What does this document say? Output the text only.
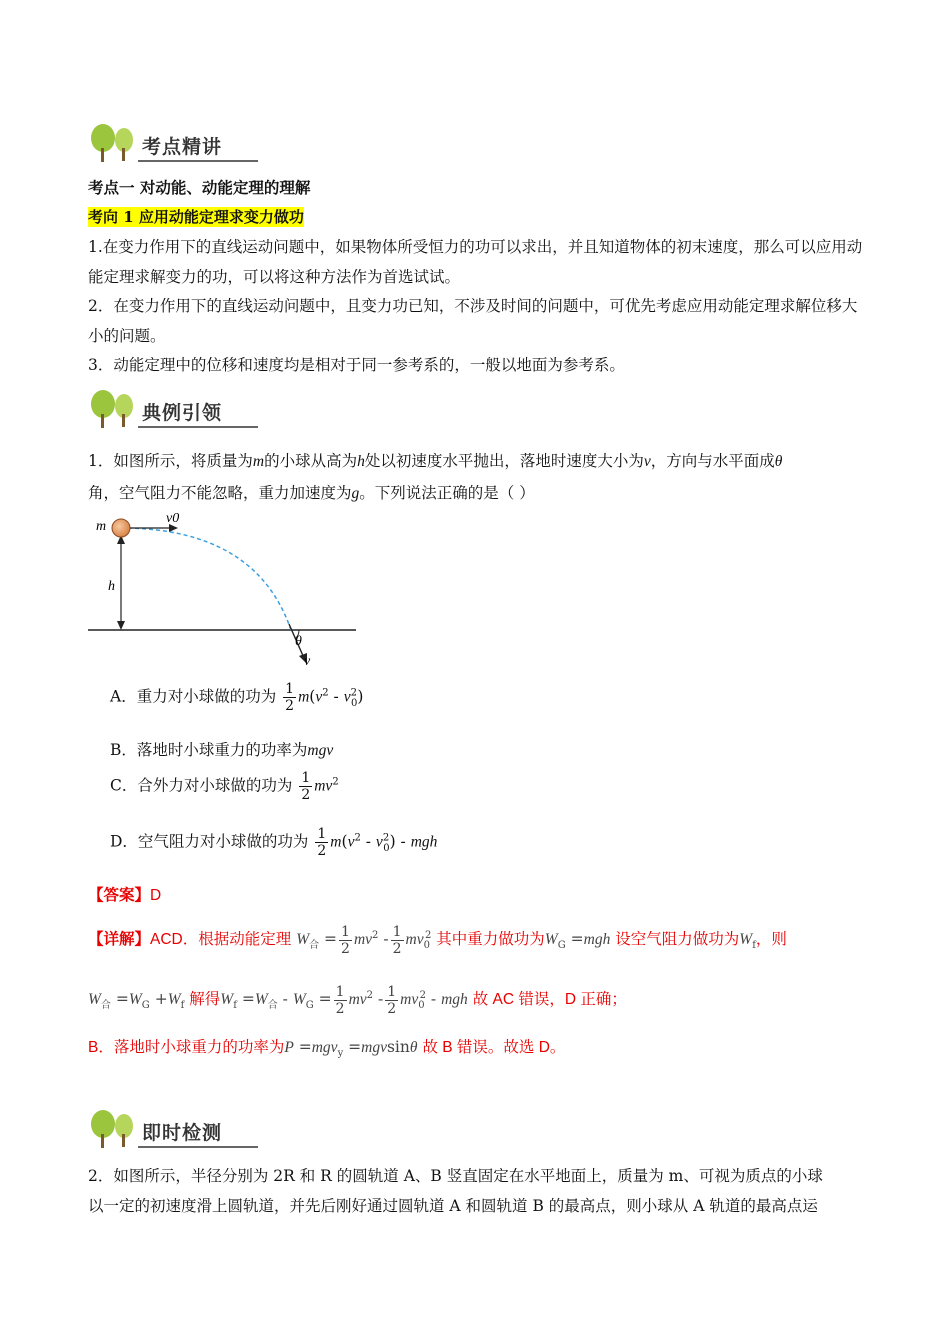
考点精讲
考点一 对动能、动能定理的理解
考向 1 应用动能定理求变力做功
1.在变力作用下的直线运动问题中，如果物体所受恒力的功可以求出，并且知道物体的初末速度，那么可以应用动能定理求解变力的功，可以将这种方法作为首选试试。
2．在变力作用下的直线运动问题中，且变力功已知，不涉及时间的问题中，可优先考虑应用动能定理求解位移大小的问题。
3．动能定理中的位移和速度均是相对于同一参考系的，一般以地面为参考系。
典例引领
1．如图所示，将质量为m的小球从高为h处以初速度水平抛出，落地时速度大小为v，方向与水平面成θ
角，空气阻力不能忽略，重力加速度为g。下列说法正确的是（ ）
m
v0
h
θ
v
A．重力对小球做的功为 $\frac{1}{2} m(v^2 - v^2_0)$
B．落地时小球重力的功率为mgv
C．合外力对小球做的功为 $\frac{1}{2} mv^2$
D．空气阻力对小球做的功为 $\frac{1}{2} m(v^2 - v^2_0)$ - mgh
【答案】D
【详解】ACD．根据动能定理 $W_合 = \frac{1}{2} mv^2 - \frac{1}{2} mv_0^2$ 其中重力做功为$W_G =mgh$ 设空气阻力做功为$W_f$，则
$W_合 =W_G +W_f$ 解得$W_f =W_合 - W_G = \frac{1}{2} mv^2 - \frac{1}{2} mv_0^2$ - mgh 故 AC 错误，D 正确；
B．落地时小球重力的功率为P =mgv$_y$ =mgvsinθ 故 B 错误。故选 D。
即时检测
2．如图所示，半径分别为 2R 和 R 的圆轨道 A、B 竖直固定在水平地面上，质量为 m、可视为质点的小球
以一定的初速度滑上圆轨道，并先后刚好通过圆轨道 A 和圆轨道 B 的最高点，则小球从 A 轨道的最高点运
